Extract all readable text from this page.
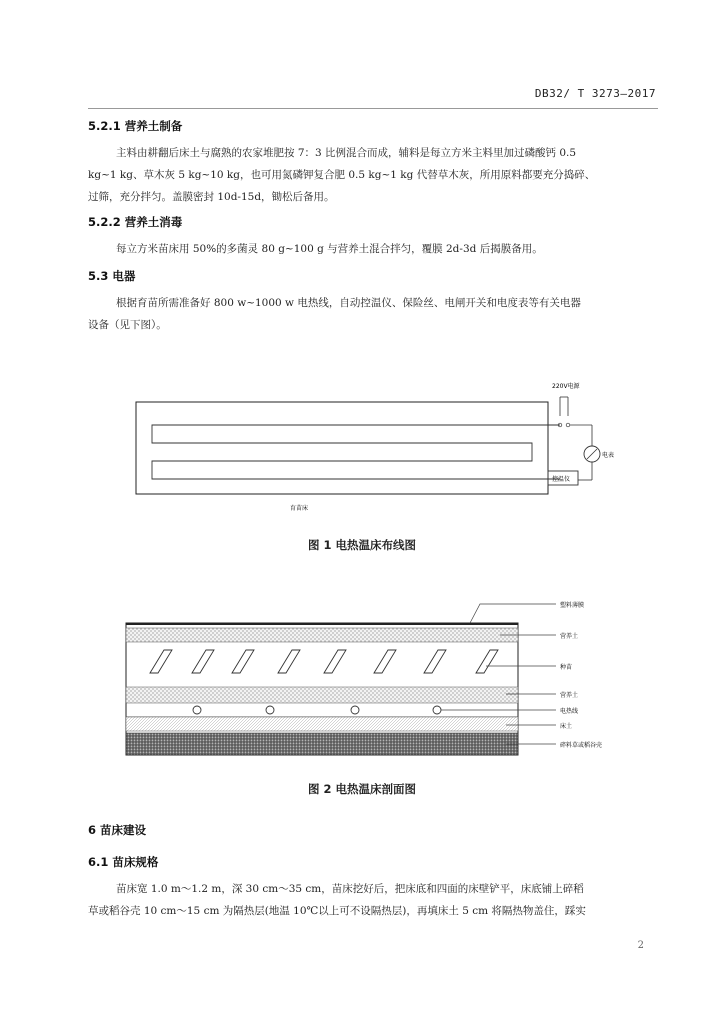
DB32/ T 3273—2017
5.2.1 营养土制备
主料由耕翻后床土与腐熟的农家堆肥按 7：3 比例混合而成，辅料是每立方米主料里加过磷酸钙 0.5
kg~1 kg、草木灰 5 kg~10 kg，也可用氮磷钾复合肥 0.5 kg~1 kg 代替草木灰，所用原料都要充分捣碎、
过筛，充分拌匀。盖膜密封 10d-15d，锄松后备用。
5.2.2 营养土消毒
每立方米苗床用 50%的多菌灵 80 g~100 g 与营养土混合拌匀，覆膜 2d-3d 后揭膜备用。
5.3 电器
根据育苗所需准备好 800 w~1000 w 电热线，自动控温仪、保险丝、电闸开关和电度表等有关电器
设备（见下图）。
220V电源
电表
控温仪
育苗床
图 1 电热温床布线图
塑料薄膜
营养土
种苗
营养土
电热线
床土
碎料草或稻谷壳
图 2 电热温床剖面图
6 苗床建设
6.1 苗床规格
苗床宽 1.0 m～1.2 m，深 30 cm～35 cm，苗床挖好后，把床底和四面的床壁铲平，床底铺上碎稻
草或稻谷壳 10 cm～15 cm 为隔热层(地温 10℃以上可不设隔热层)，再填床土 5 cm 将隔热物盖住，踩实
2
